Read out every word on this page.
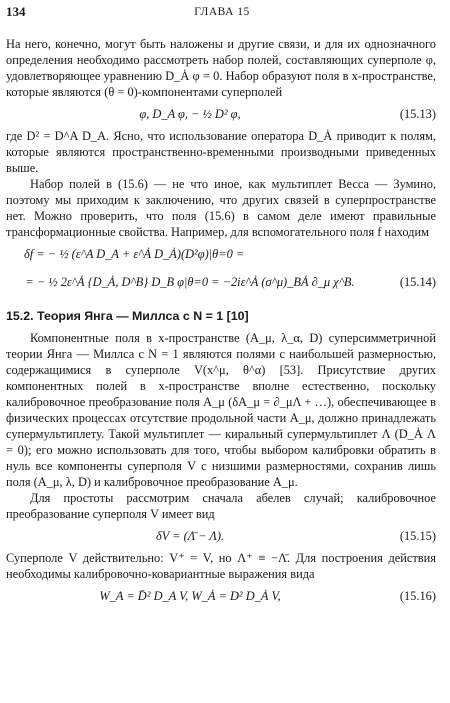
134	ГЛАВА 15

На него, конечно, могут быть наложены и другие связи, и для их однозначного определения необходимо рассмотреть набор полей, составляющих суперполе φ, удовлетворяющее уравнению D_Ȧ φ = 0. Набор образуют поля в x-пространстве, которые являются (θ = 0)-компонентами суперполей

φ, D_A φ, − ½ D² φ,	(15.13)

где D² = D^A D_A. Ясно, что использование оператора D_Ȧ приводит к полям, которые являются пространственно-временными производными приведенных выше.

Набор полей в (15.6) — не что иное, как мультиплет Весса — Зумино, поэтому мы приходим к заключению, что других связей в суперпространстве нет. Можно проверить, что поля (15.6) в самом деле имеют правильные трансформационные свойства. Например, для вспомогательного поля f находим

δf = − ½ (ε^A D_A + ε^Ȧ D_Ȧ)(D²φ)|θ=0 =
= − ½ 2ε^Ȧ {D_Ȧ, D^B} D_B φ|θ=0 = −2iε^Ȧ (σ^μ)_BȦ ∂_μ χ^B.	(15.14)
15.2. Теория Янга — Миллса с N = 1 [10]

Компонентные поля в x-пространстве (A_μ, λ_α, D) суперсимметричной теории Янга — Миллса с N = 1 являются полями с наибольшей размерностью, содержащимися в суперполе V(x^μ, θ^α) [53]. Присутствие других компонентных полей в x-пространстве вполне естественно, поскольку калибровочное преобразование поля A_μ (δA_μ = ∂_μΛ + …), обеспечивающее в физических процессах отсутствие продольной части A_μ, должно принадлежать супермультиплету. Такой мультиплет — киральный супермультиплет Λ (D_Ȧ Λ = 0); его можно использовать для того, чтобы выбором калибровки обратить в нуль все компоненты суперполя V с низшими размерностями, сохранив лишь поля (A_μ, λ, D) и калибровочное преобразование A_μ.

Для простоты рассмотрим сначала абелев случай; калибровочное преобразование суперполя V имеет вид

δV = (Λ̄ − Λ).	(15.15)

Суперполе V действительно: V⁺ = V, но Λ⁺ ≡ −Λ̄. Для построения действия необходимы калибровочно-ковариантные выражения вида

W_A = D̄² D_A V, W_Ȧ = D² D_Ȧ V,	(15.16)
